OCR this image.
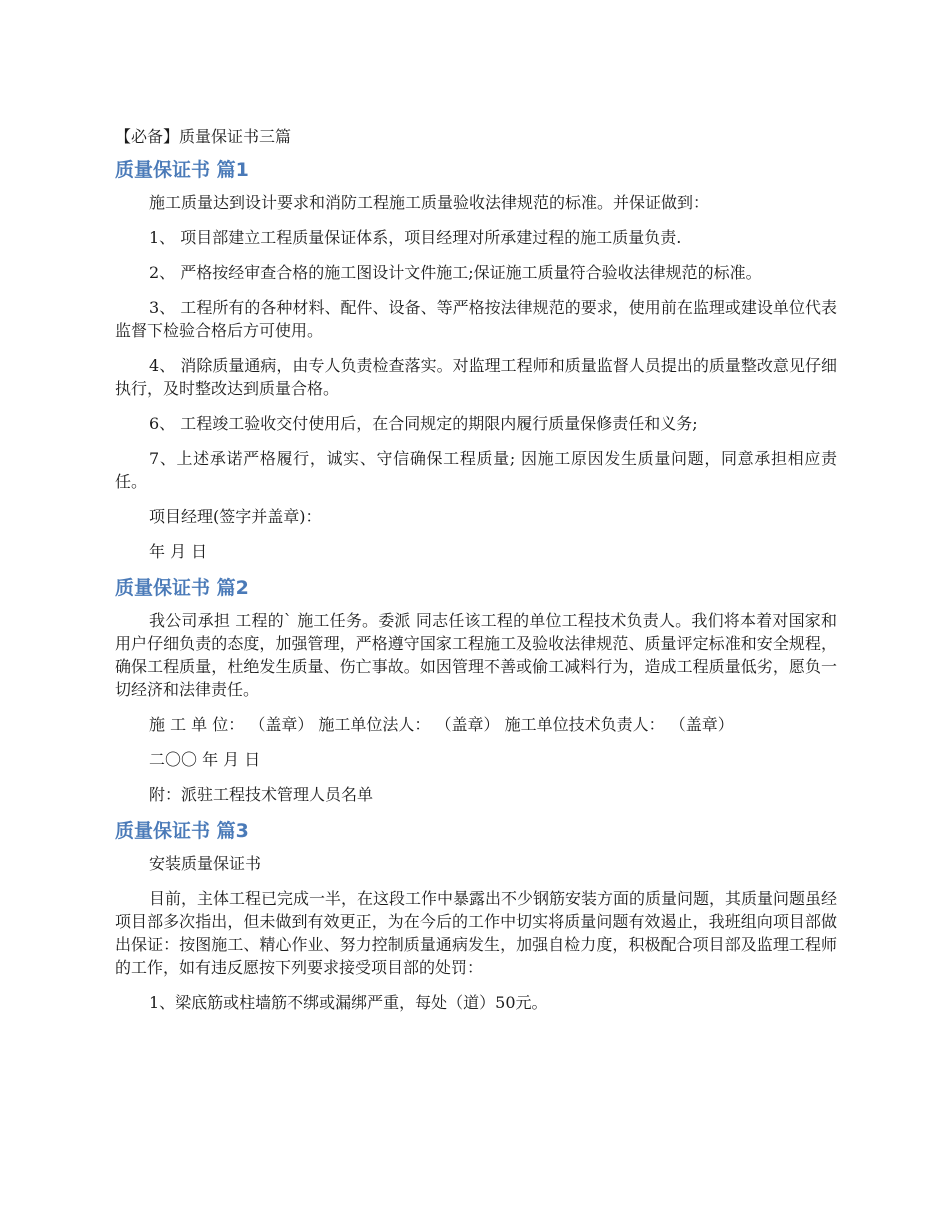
【必备】质量保证书三篇
质量保证书 篇1

施工质量达到设计要求和消防工程施工质量验收法律规范的标准。并保证做到：

1、 项目部建立工程质量保证体系，项目经理对所承建过程的施工质量负责.

2、 严格按经审查合格的施工图设计文件施工;保证施工质量符合验收法律规范的标准。

3、 工程所有的各种材料、配件、设备、等严格按法律规范的要求，使用前在监理或建设单位代表监督下检验合格后方可使用。

4、 消除质量通病，由专人负责检查落实。对监理工程师和质量监督人员提出的质量整改意见仔细执行，及时整改达到质量合格。

6、 工程竣工验收交付使用后，在合同规定的期限内履行质量保修责任和义务;

7、上述承诺严格履行，诚实、守信确保工程质量; 因施工原因发生质量问题，同意承担相应责任。

项目经理(签字并盖章)：

年 月 日

质量保证书 篇2

我公司承担 工程的` 施工任务。委派 同志任该工程的单位工程技术负责人。我们将本着对国家和用户仔细负责的态度，加强管理，严格遵守国家工程施工及验收法律规范、质量评定标准和安全规程，确保工程质量，杜绝发生质量、伤亡事故。如因管理不善或偷工减料行为，造成工程质量低劣，愿负一切经济和法律责任。

施 工 单 位： （盖章） 施工单位法人： （盖章） 施工单位技术负责人： （盖章）

二〇〇 年 月 日

附：派驻工程技术管理人员名单

质量保证书 篇3

安装质量保证书

目前，主体工程已完成一半，在这段工作中暴露出不少钢筋安装方面的质量问题，其质量问题虽经项目部多次指出，但未做到有效更正，为在今后的工作中切实将质量问题有效遏止，我班组向项目部做出保证：按图施工、精心作业、努力控制质量通病发生，加强自检力度，积极配合项目部及监理工程师的工作，如有违反愿按下列要求接受项目部的处罚：

1、梁底筋或柱墙筋不绑或漏绑严重，每处（道）50元。
